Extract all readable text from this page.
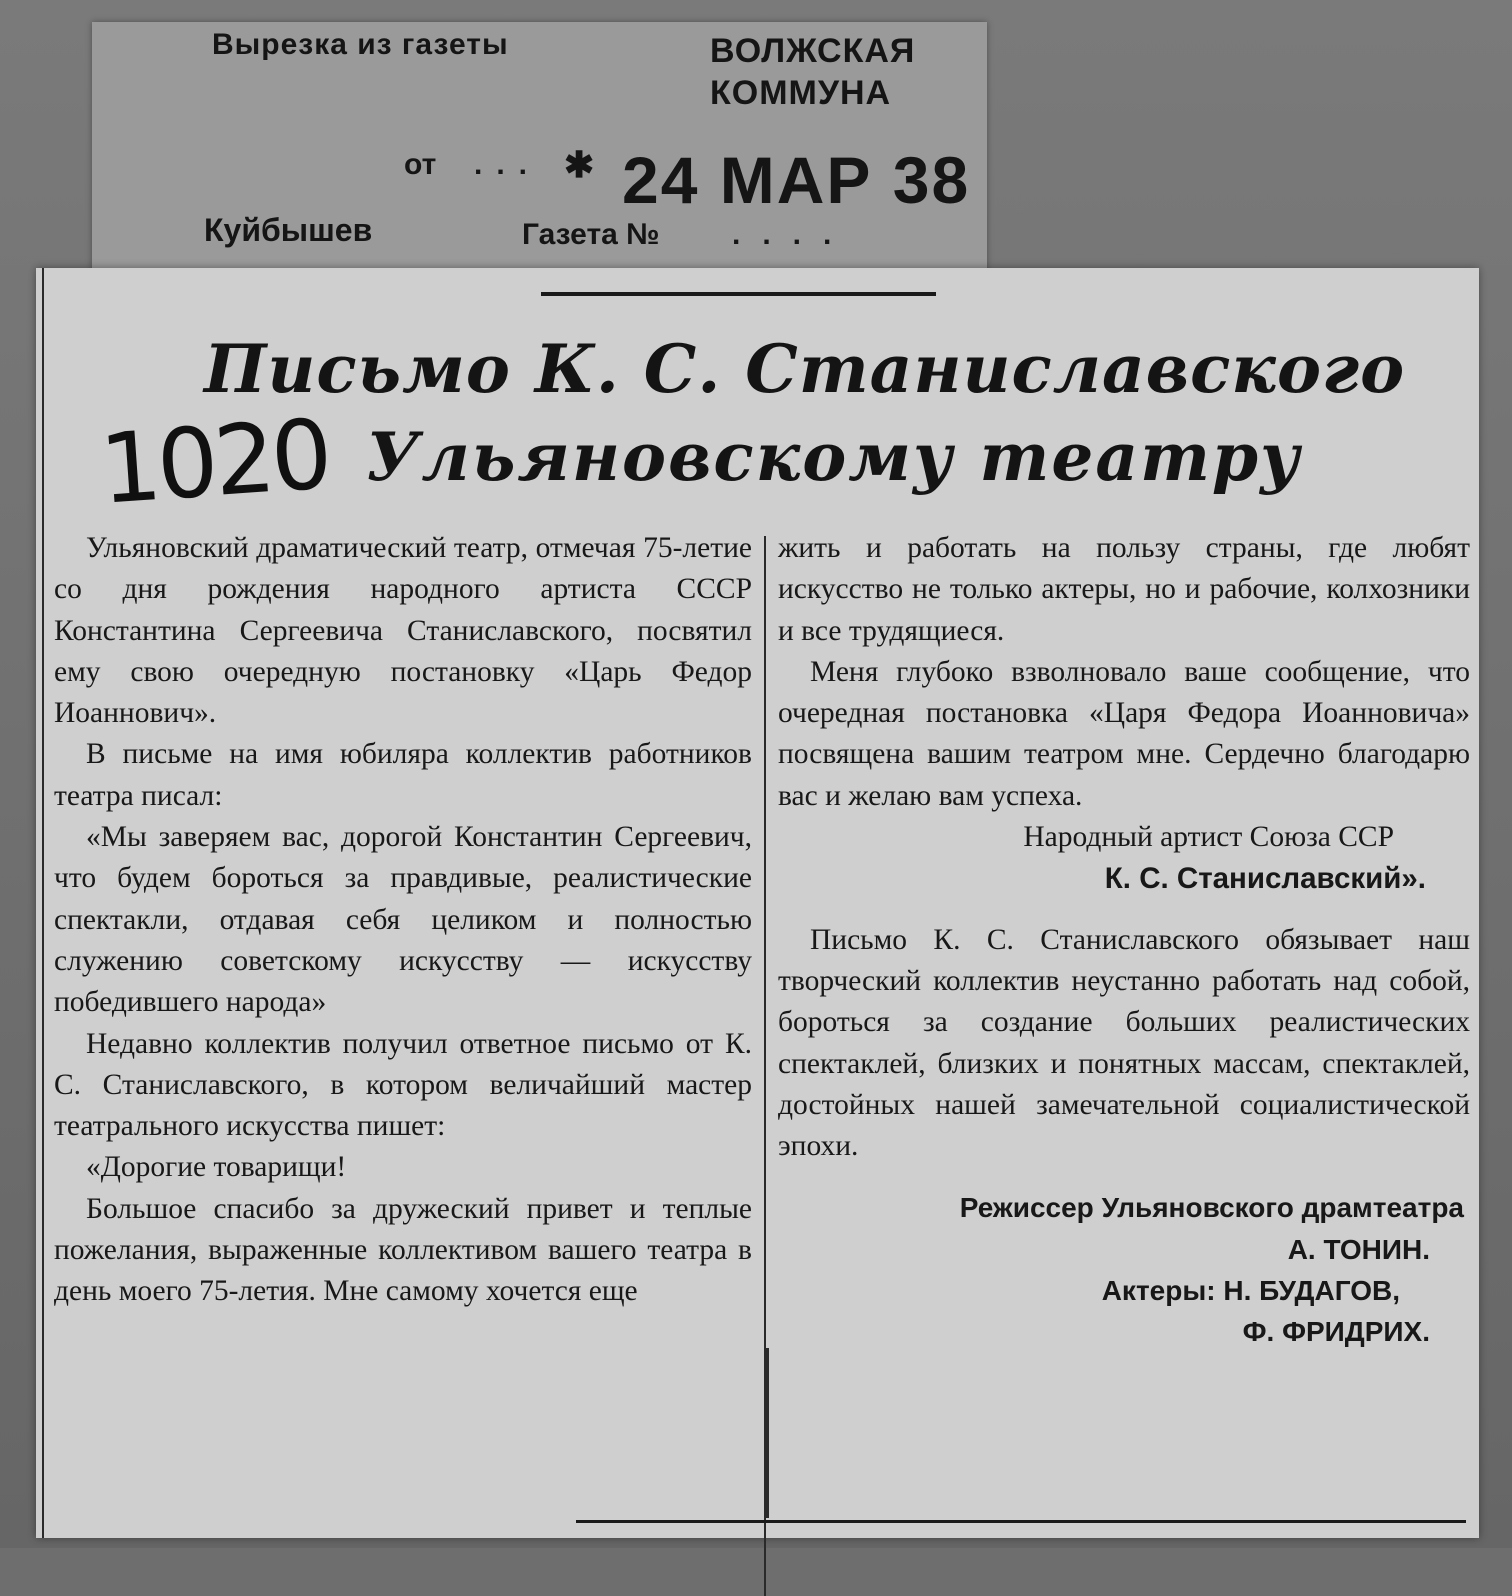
Вырезка из газеты	ВОЛЖСКАЯ
КОММУНА
от ... ✱ 24 МАР 38
Куйбышев	Газета № ....
Письмо К. С. Станиславского
Ульяновскому театру
1020

Ульяновский драматический театр, отмечая 75-летие со дня рождения народного артиста СССР Константина Сергеевича Станиславского, посвятил ему свою очередную постановку «Царь Федор Иоаннович».

В письме на имя юбиляра коллектив работников театра писал:

«Мы заверяем вас, дорогой Константин Сергеевич, что будем бороться за правдивые, реалистические спектакли, отдавая себя целиком и полностью служению советскому искусству — искусству победившего народа»

Недавно коллектив получил ответное письмо от К. С. Станиславского, в котором величайший мастер театрального искусства пишет:

«Дорогие товарищи!

Большое спасибо за дружеский привет и теплые пожелания, выраженные коллективом вашего театра в день моего 75-летия. Мне самому хочется еще

жить и работать на пользу страны, где любят искусство не только актеры, но и рабочие, колхозники и все трудящиеся.

Меня глубоко взволновало ваше сообщение, что очередная постановка «Царя Федора Иоанновича» посвящена вашим театром мне. Сердечно благодарю вас и желаю вам успеха.

Народный артист Союза ССР

К. С. Станиславский».

Письмо К. С. Станиславского обязывает наш творческий коллектив неустанно работать над собой, бороться за создание больших реалистических спектаклей, близких и понятных массам, спектаклей, достойных нашей замечательной социалистической эпохи.

Режиссер Ульяновского драмтеатра

А. ТОНИН.

Актеры: Н. БУДАГОВ,

Ф. ФРИДРИХ.
